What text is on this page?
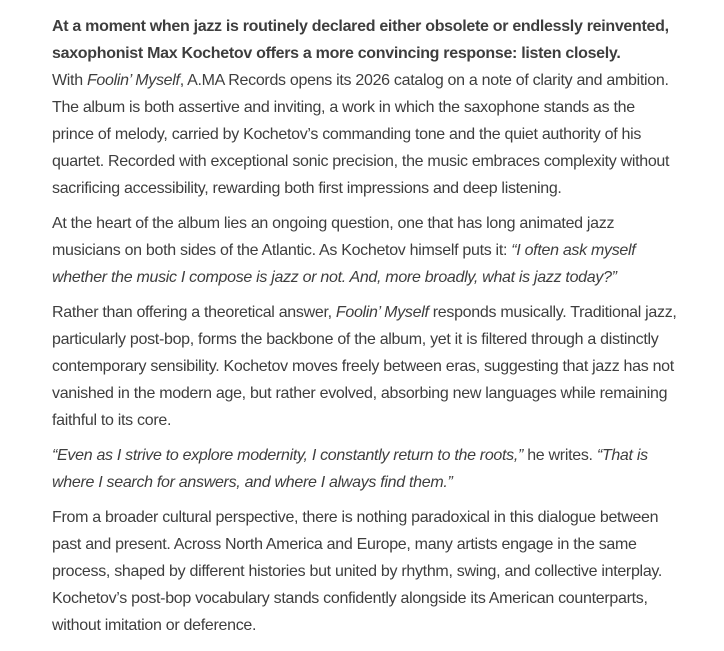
At a moment when jazz is routinely declared either obsolete or endlessly reinvented,
saxophonist Max Kochetov offers a more convincing response: listen closely.
With Foolin’ Myself, A.MA Records opens its 2026 catalog on a note of clarity and ambition.
The album is both assertive and inviting, a work in which the saxophone stands as the
prince of melody, carried by Kochetov’s commanding tone and the quiet authority of his
quartet. Recorded with exceptional sonic precision, the music embraces complexity without
sacrificing accessibility, rewarding both first impressions and deep listening.

At the heart of the album lies an ongoing question, one that has long animated jazz
musicians on both sides of the Atlantic. As Kochetov himself puts it: “I often ask myself
whether the music I compose is jazz or not. And, more broadly, what is jazz today?”

Rather than offering a theoretical answer, Foolin’ Myself responds musically. Traditional jazz,
particularly post-bop, forms the backbone of the album, yet it is filtered through a distinctly
contemporary sensibility. Kochetov moves freely between eras, suggesting that jazz has not
vanished in the modern age, but rather evolved, absorbing new languages while remaining
faithful to its core.

“Even as I strive to explore modernity, I constantly return to the roots,” he writes. “That is
where I search for answers, and where I always find them.”

From a broader cultural perspective, there is nothing paradoxical in this dialogue between
past and present. Across North America and Europe, many artists engage in the same
process, shaped by different histories but united by rhythm, swing, and collective interplay.
Kochetov’s post-bop vocabulary stands confidently alongside its American counterparts,
without imitation or deference.
